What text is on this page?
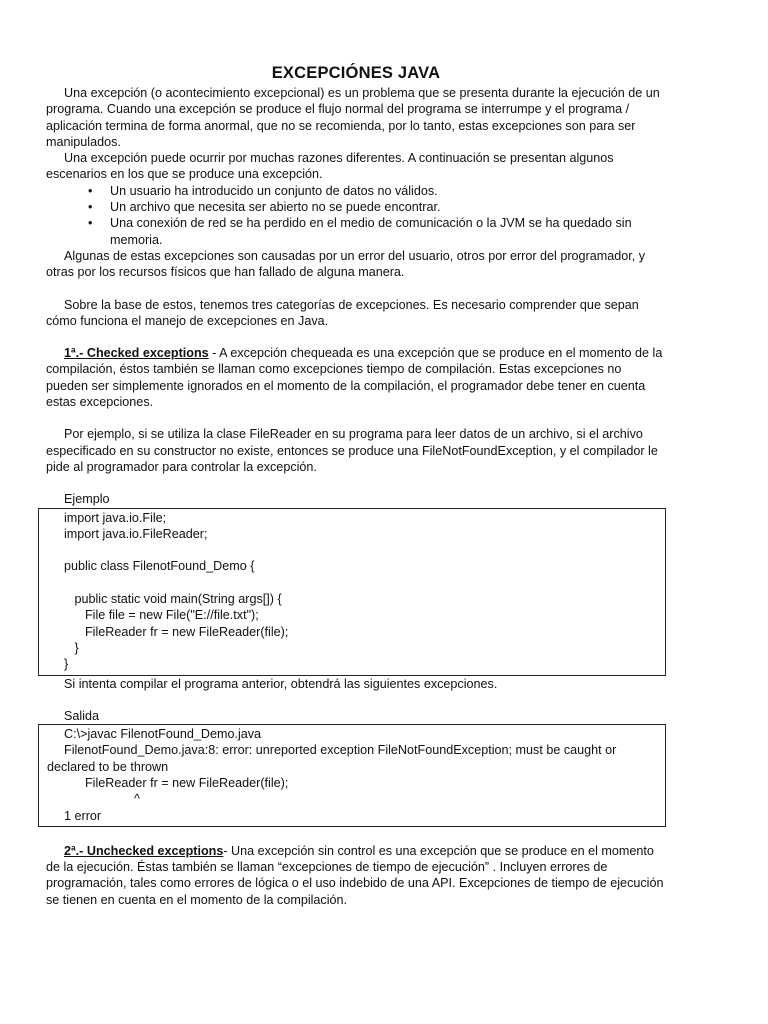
EXCEPCIÓNES JAVA

Una excepción (o acontecimiento excepcional) es un problema que se presenta durante la ejecución de un programa. Cuando una excepción se produce el flujo normal del programa se interrumpe y el programa / aplicación termina de forma anormal, que no se recomienda, por lo tanto, estas excepciones son para ser manipulados.

Una excepción puede ocurrir por muchas razones diferentes. A continuación se presentan algunos escenarios en los que se produce una excepción.

• Un usuario ha introducido un conjunto de datos no válidos.
• Un archivo que necesita ser abierto no se puede encontrar.
• Una conexión de red se ha perdido en el medio de comunicación o la JVM se ha quedado sin memoria.

Algunas de estas excepciones son causadas por un error del usuario, otros por error del programador, y otras por los recursos físicos que han fallado de alguna manera.

Sobre la base de estos, tenemos tres categorías de excepciones. Es necesario comprender que sepan cómo funciona el manejo de excepciones en Java.

1ª.- Checked exceptions - A excepción chequeada es una excepción que se produce en el momento de la compilación, éstos también se llaman como excepciones tiempo de compilación. Estas excepciones no pueden ser simplemente ignorados en el momento de la compilación, el programador debe tener en cuenta estas excepciones.

Por ejemplo, si se utiliza la clase FileReader en su programa para leer datos de un archivo, si el archivo especificado en su constructor no existe, entonces se produce una FileNotFoundException, y el compilador le pide al programador para controlar la excepción.

Ejemplo

import java.io.File;
import java.io.FileReader;

public class FilenotFound_Demo {

public static void main(String args[]) {
File file = new File("E://file.txt");
FileReader fr = new FileReader(file);
}
}

Si intenta compilar el programa anterior, obtendrá las siguientes excepciones.

Salida

C:\>javac FilenotFound_Demo.java
FilenotFound_Demo.java:8: error: unreported exception FileNotFoundException; must be caught or declared to be thrown
FileReader fr = new FileReader(file);
^
1 error

2ª.- Unchecked exceptions- Una excepción sin control es una excepción que se produce en el momento de la ejecución. Éstas también se llaman “excepciones de tiempo de ejecución” . Incluyen errores de programación, tales como errores de lógica o el uso indebido de una API. Excepciones de tiempo de ejecución se tienen en cuenta en el momento de la compilación.
